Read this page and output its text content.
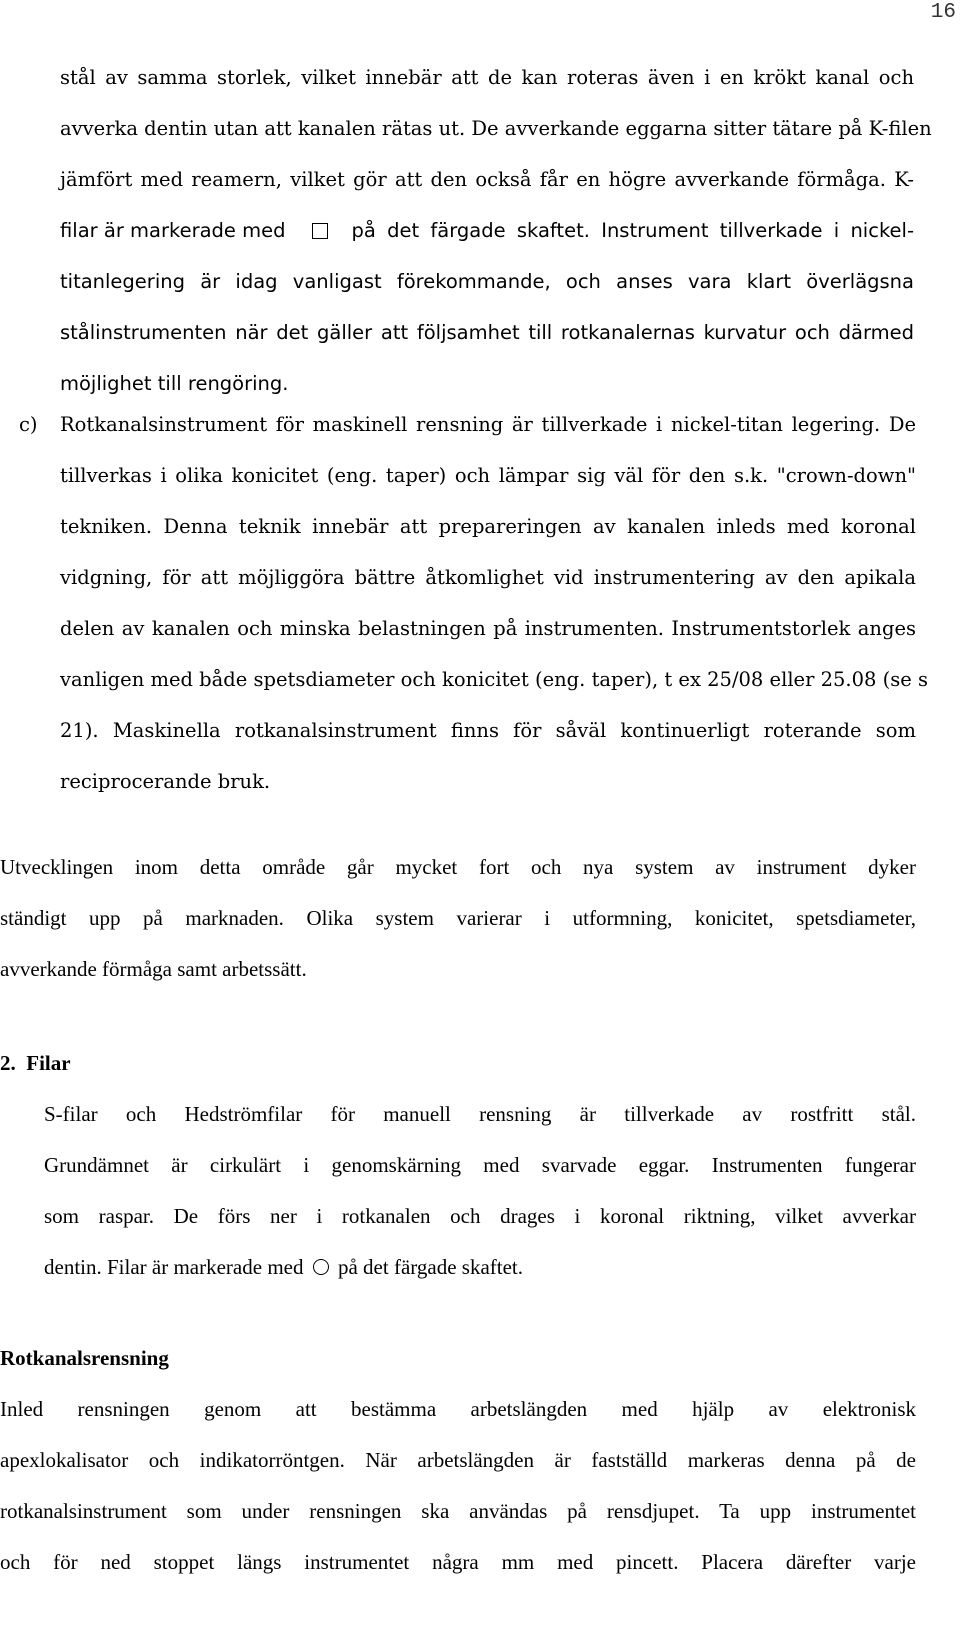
16
stål av samma storlek, vilket innebär att de kan roteras även i en krökt kanal och
avverka dentin utan att kanalen rätas ut. De avverkande eggarna sitter tätare på K-filen
jämfört med reamern, vilket gör att den också får en högre avverkande förmåga. K-
filar är markerade med	på det färgade skaftet. Instrument tillverkade i nickel-
titanlegering är idag vanligast förekommande, och anses vara klart överlägsna
stålinstrumenten när det gäller att följsamhet till rotkanalernas kurvatur och därmed
möjlighet till rengöring.
c)	Rotkanalsinstrument för maskinell rensning är tillverkade i nickel-titan legering. De
tillverkas i olika konicitet (eng. taper) och lämpar sig väl för den s.k. "crown-down"
tekniken. Denna teknik innebär att prepareringen av kanalen inleds med koronal
vidgning, för att möjliggöra bättre åtkomlighet vid instrumentering av den apikala
delen av kanalen och minska belastningen på instrumenten. Instrumentstorlek anges
vanligen med både spetsdiameter och konicitet (eng. taper), t ex 25/08 eller 25.08 (se s
21). Maskinella rotkanalsinstrument finns för såväl kontinuerligt roterande som
reciprocerande bruk.
Utvecklingen inom detta område går mycket fort och nya system av instrument dyker
ständigt upp på marknaden. Olika system varierar i utformning, konicitet, spetsdiameter,
avverkande förmåga samt arbetssätt.
2.  Filar
S-filar och Hedströmfilar för manuell rensning är tillverkade av rostfritt stål.
Grundämnet är cirkulärt i genomskärning med svarvade eggar. Instrumenten fungerar
som raspar. De förs ner i rotkanalen och drages i koronal riktning, vilket avverkar
dentin. Filar är markerade med på det färgade skaftet.
Rotkanalsrensning
Inled rensningen genom att bestämma arbetslängden med hjälp av elektronisk
apexlokalisator och indikatorröntgen. När arbetslängden är fastställd markeras denna på de
rotkanalsinstrument som under rensningen ska användas på rensdjupet. Ta upp instrumentet
och för ned stoppet längs instrumentet några mm med pincett. Placera därefter varje
